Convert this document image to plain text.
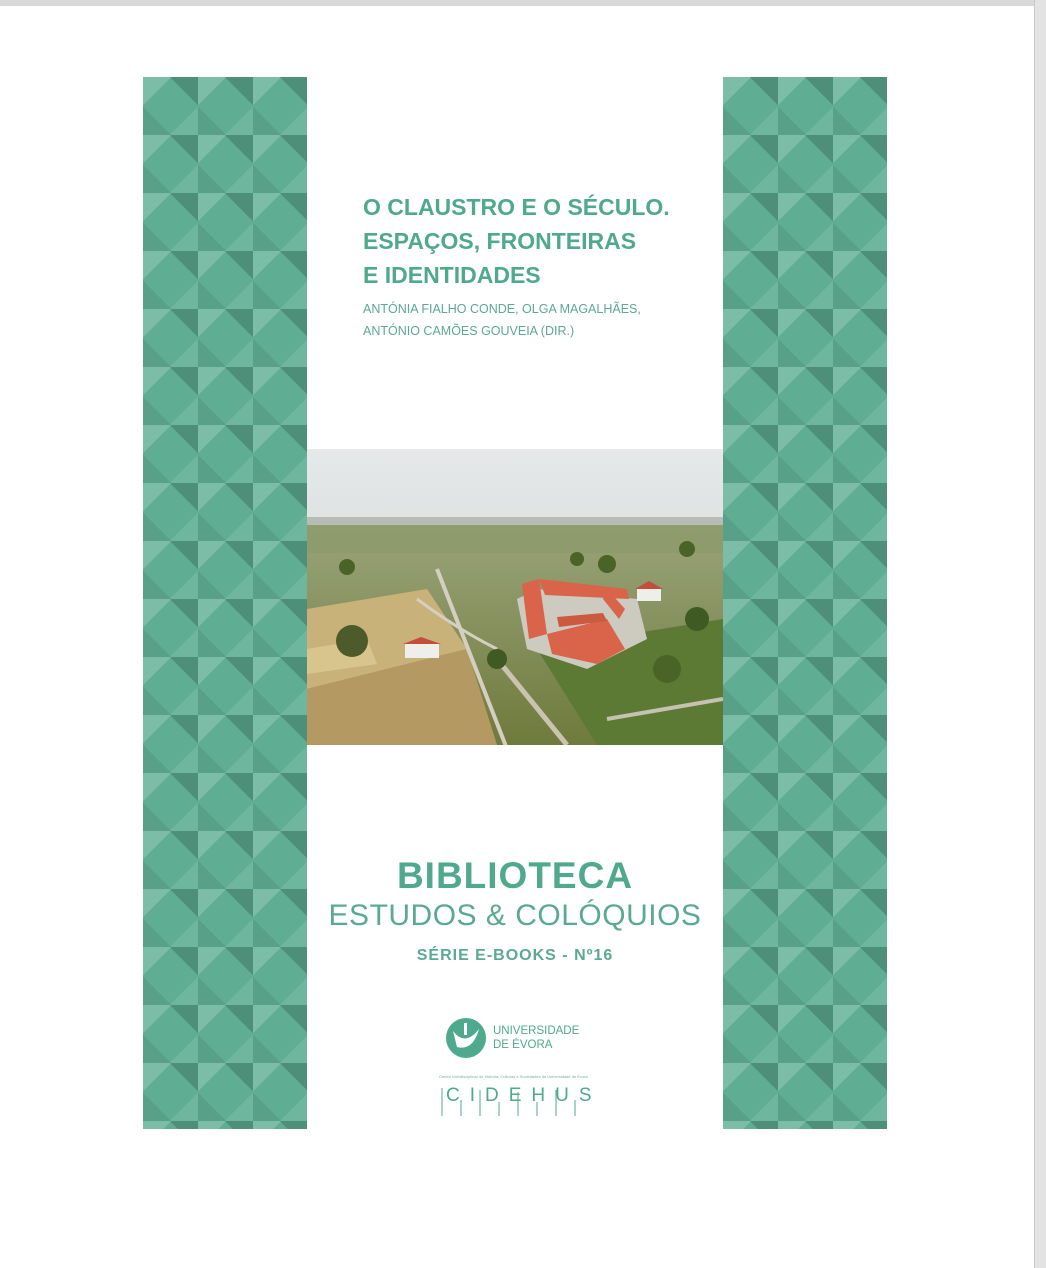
O CLAUSTRO E O SÉCULO.
ESPAÇOS, FRONTEIRAS
E IDENTIDADES
ANTÓNIA FIALHO CONDE, OLGA MAGALHÃES,
ANTÓNIO CAMÕES GOUVEIA (DIR.)
BIBLIOTECA
ESTUDOS & COLÓQUIOS
SÉRIE E-BOOKS - Nº16
UNIVERSIDADE
DE ÉVORA
Centro Interdisciplinar de História, Culturas e Sociedades da Universidade de Évora
CIDEHUS
